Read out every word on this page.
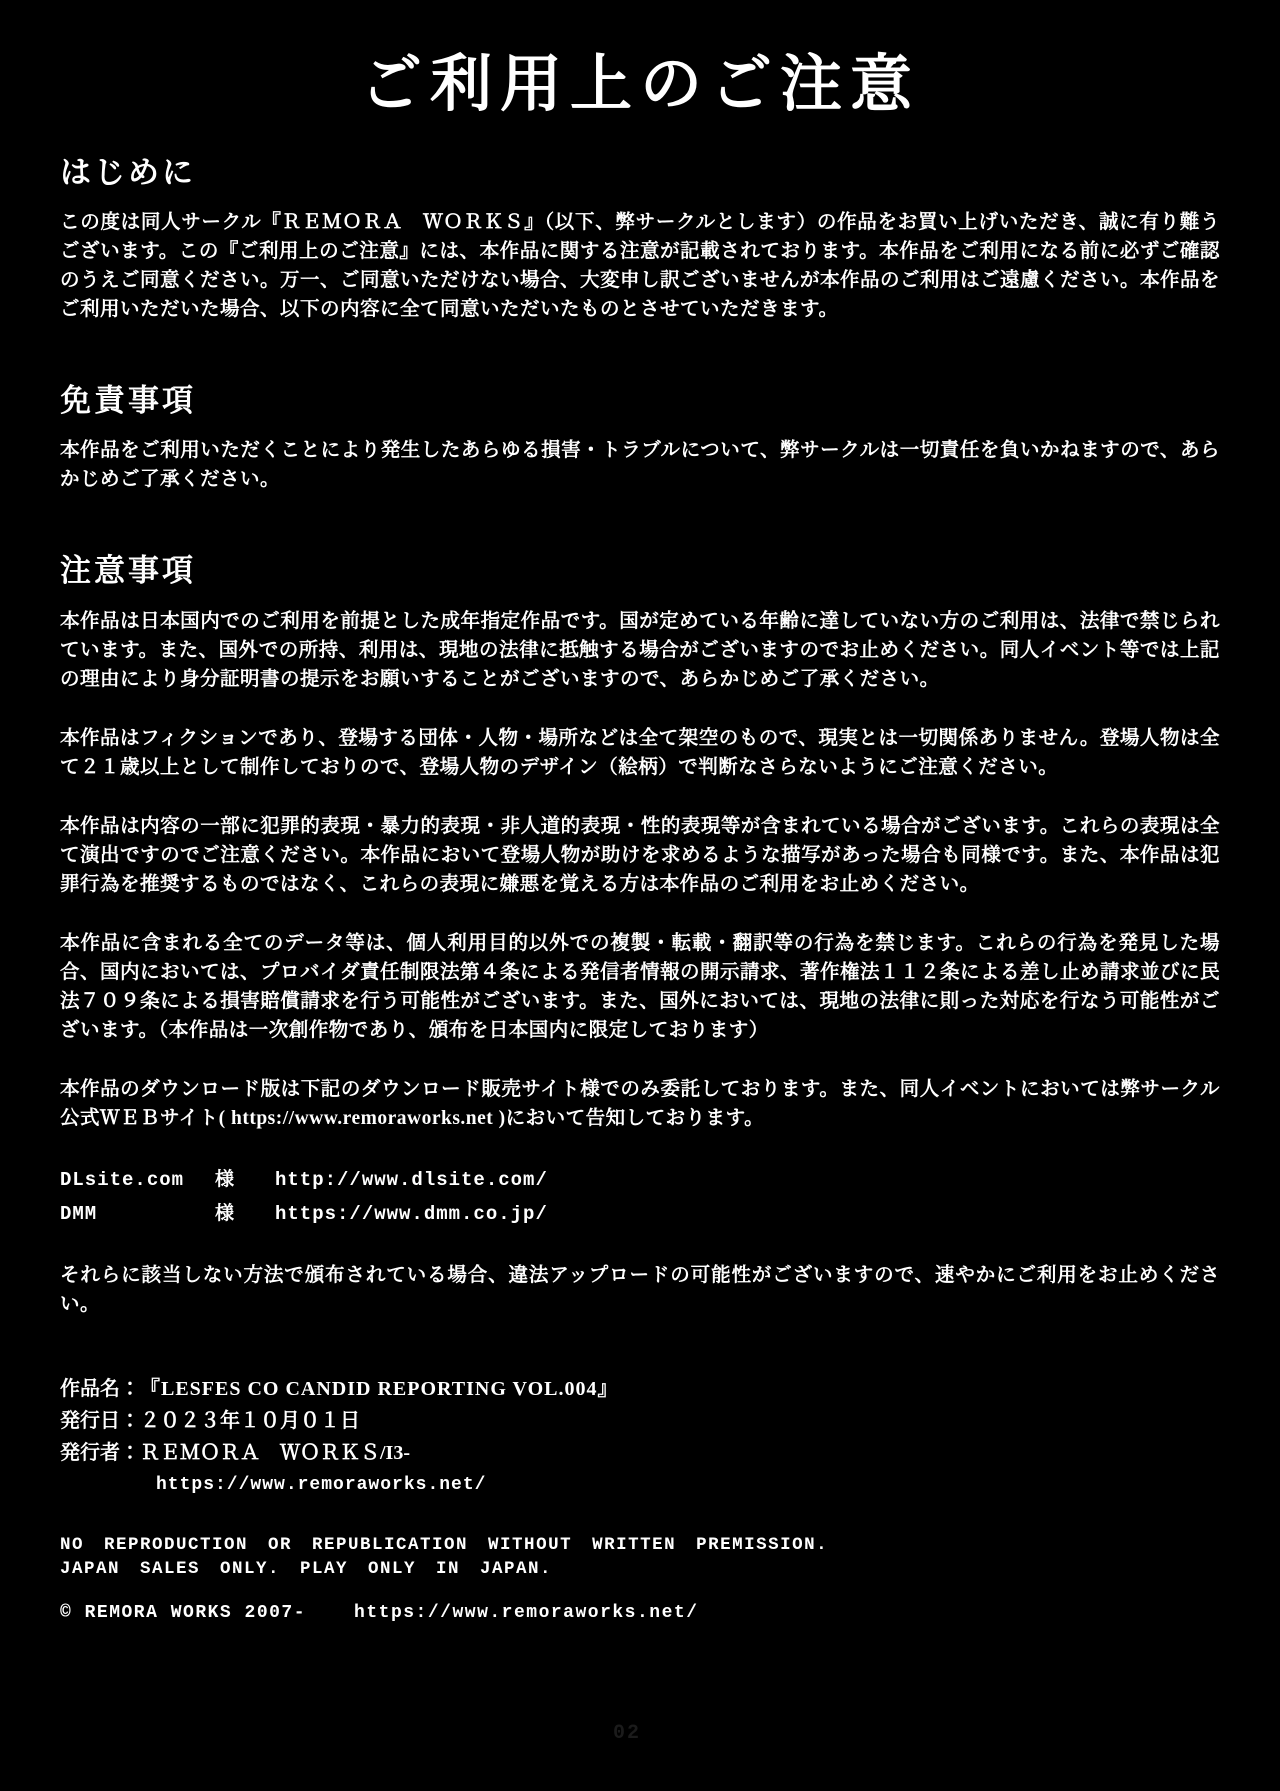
ご利用上のご注意
はじめに

この度は同人サークル『ＲＥＭＯＲＡ　ＷＯＲＫＳ』（以下、弊サークルとします）の作品をお買い上げいただき、誠に有り難うございます。この『ご利用上のご注意』には、本作品に関する注意が記載されております。本作品をご利用になる前に必ずご確認のうえご同意ください。万一、ご同意いただけない場合、大変申し訳ございませんが本作品のご利用はご遠慮ください。本作品をご利用いただいた場合、以下の内容に全て同意いただいたものとさせていただきます。

免責事項

本作品をご利用いただくことにより発生したあらゆる損害・トラブルについて、弊サークルは一切責任を負いかねますので、あらかじめご了承ください。

注意事項

本作品は日本国内でのご利用を前提とした成年指定作品です。国が定めている年齢に達していない方のご利用は、法律で禁じられています。また、国外での所持、利用は、現地の法律に抵触する場合がございますのでお止めください。同人イベント等では上記の理由により身分証明書の提示をお願いすることがございますので、あらかじめご了承ください。

本作品はフィクションであり、登場する団体・人物・場所などは全て架空のもので、現実とは一切関係ありません。登場人物は全て２１歳以上として制作しておりので、登場人物のデザイン（絵柄）で判断なさらないようにご注意ください。

本作品は内容の一部に犯罪的表現・暴力的表現・非人道的表現・性的表現等が含まれている場合がございます。これらの表現は全て演出ですのでご注意ください。本作品において登場人物が助けを求めるような描写があった場合も同様です。また、本作品は犯罪行為を推奨するものではなく、これらの表現に嫌悪を覚える方は本作品のご利用をお止めください。

本作品に含まれる全てのデータ等は、個人利用目的以外での複製・転載・翻訳等の行為を禁じます。これらの行為を発見した場合、国内においては、プロバイダ責任制限法第４条による発信者情報の開示請求、著作権法１１２条による差し止め請求並びに民法７０９条による損害賠償請求を行う可能性がございます。また、国外においては、現地の法律に則った対応を行なう可能性がございます。（本作品は一次創作物であり、頒布を日本国内に限定しております）

本作品のダウンロード版は下記のダウンロード販売サイト様でのみ委託しております。また、同人イベントにおいては弊サークル公式ＷＥＢサイト( https://www.remoraworks.net )において告知しております。

DLsite.com	様	http://www.dlsite.com/
DMM	様	https://www.dmm.co.jp/

それらに該当しない方法で頒布されている場合、違法アップロードの可能性がございますので、速やかにご利用をお止めください。

作品名： 『LESFES CO CANDID REPORTING VOL.004』
発行日： ２０２３年１０月０１日
発行者： ＲＥＭＯＲＡ　ＷＯＲＫＳ/I3-
https://www.remoraworks.net/
NO REPRODUCTION OR REPUBLICATION WITHOUT WRITTEN PREMISSION.
JAPAN SALES ONLY. PLAY ONLY IN JAPAN.
© REMORA WORKS 2007-	https://www.remoraworks.net/
02
